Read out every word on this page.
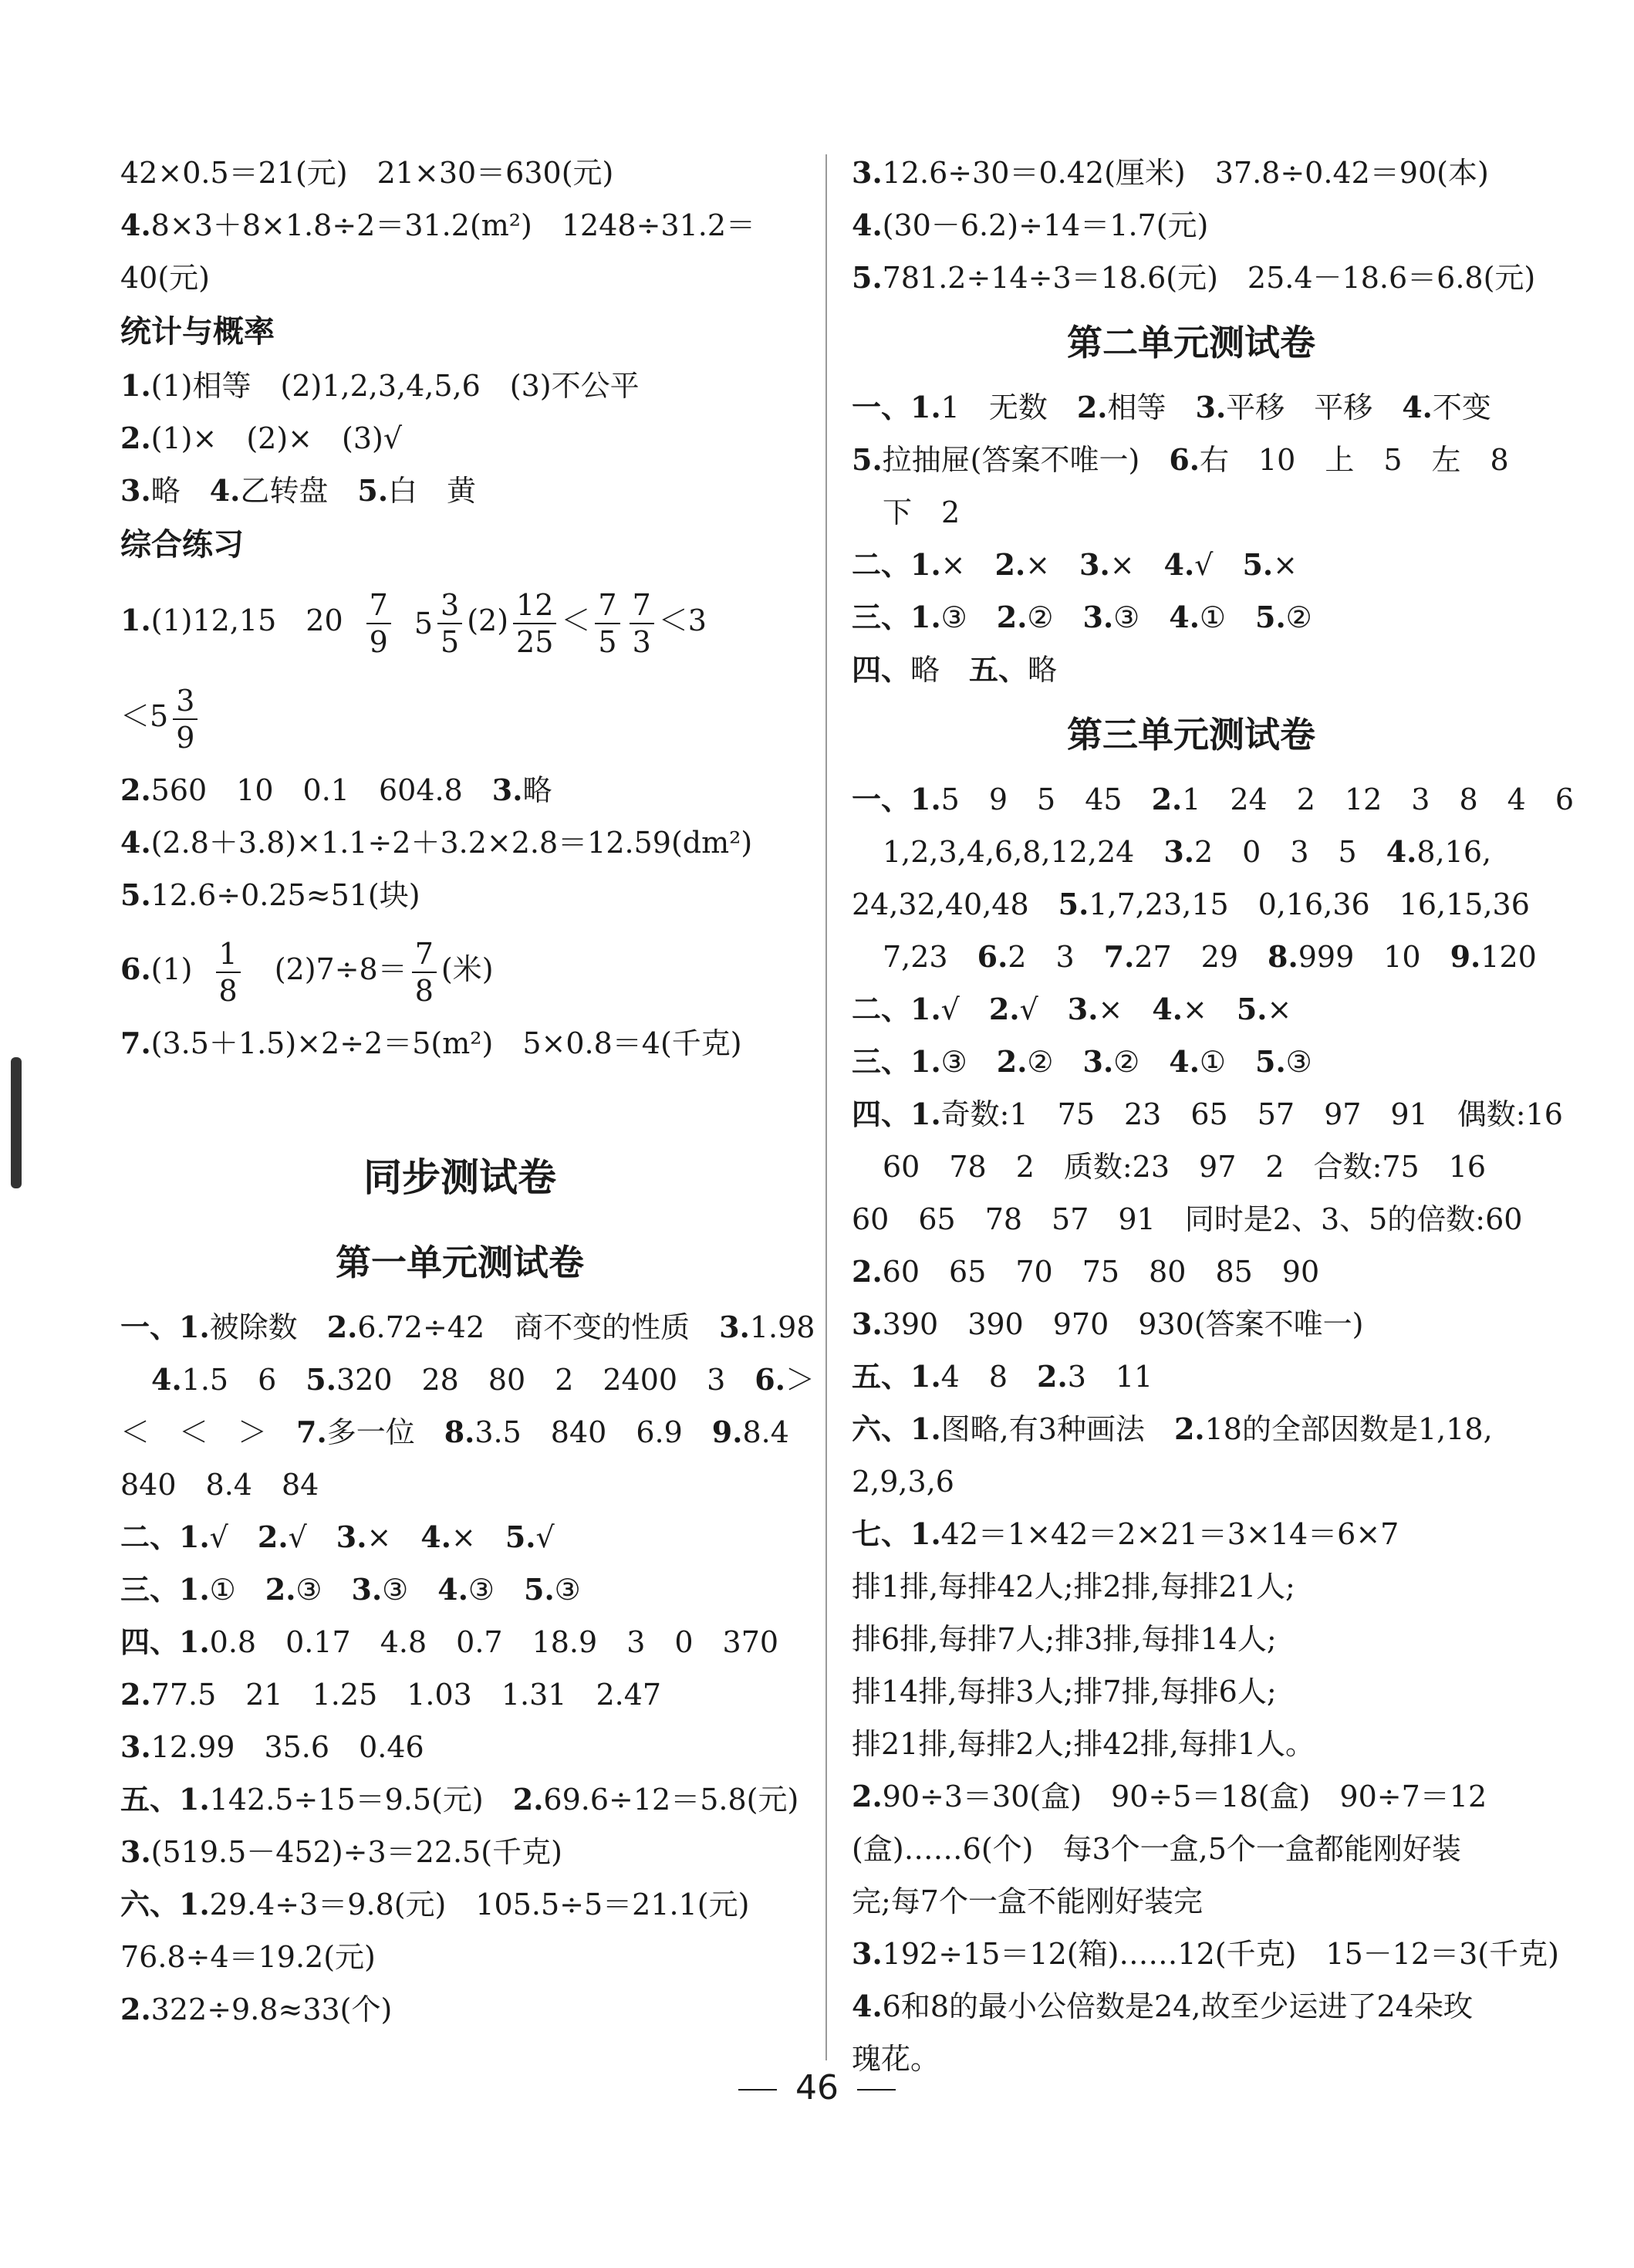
42×0.5＝21(元)　21×30＝630(元)
4.8×3＋8×1.8÷2＝31.2(m²)　1248÷31.2＝
40(元)
统计与概率
1.(1)相等　(2)1,2,3,4,5,6　(3)不公平
2.(1)×　(2)×　(3)√
3.略　4.乙转盘　5.白　黄
综合练习
1.(1)12,15　$20 \frac{7}{9} 5 \frac{3}{5} (2) \frac{12}{25} < \frac{7}{5} \frac{7}{3} <3$
$<5 \frac{3}{9}$
2.560　10　0.1　604.8　3.略
4.(2.8＋3.8)×1.1÷2＋3.2×2.8＝12.59(dm²)
5.12.6÷0.25≈51(块)
$6.(1) \frac{1}{8}$ 　$(2)7\div 8= \frac{7}{8}$ (米)
7.(3.5＋1.5)×2÷2＝5(m²)　5×0.8＝4(千克)
同步测试卷
第一单元测试卷
一、1.被除数　2.6.72÷42　商不变的性质　3.1.98
4.1.5　6　5.320　28　80　2　2400　3　6.＞
＜　＜　＞　7.多一位　8.3.5　840　6.9　9.8.4
840　8.4　84
二、1.√　2.√　3.×　4.×　5.√
三、1.①　2.③　3.③　4.③　5.③
四、1.0.8　0.17　4.8　0.7　18.9　3　0　370
2.77.5　21　1.25　1.03　1.31　2.47
3.12.99　35.6　0.46
五、1.142.5÷15＝9.5(元)　2.69.6÷12＝5.8(元)
3.(519.5－452)÷3＝22.5(千克)
六、1.29.4÷3＝9.8(元)　105.5÷5＝21.1(元)
76.8÷4＝19.2(元)
2.322÷9.8≈33(个)
3.12.6÷30＝0.42(厘米)　37.8÷0.42＝90(本)
4.(30－6.2)÷14＝1.7(元)
5.781.2÷14÷3＝18.6(元)　25.4－18.6＝6.8(元)
第二单元测试卷
一、1.1　无数　2.相等　3.平移　平移　4.不变
5.拉抽屉(答案不唯一)　6.右　10　上　5　左　8
下　2
二、1.×　2.×　3.×　4.√　5.×
三、1.③　2.②　3.③　4.①　5.②
四、略　五、略
第三单元测试卷
一、1.5　9　5　45　2.1　24　2　12　3　8　4　6
1,2,3,4,6,8,12,24　3.2　0　3　5　4.8,16,
24,32,40,48　5.1,7,23,15　0,16,36　16,15,36
7,23　6.2　3　7.27　29　8.999　10　9.120
二、1.√　2.√　3.×　4.×　5.×
三、1.③　2.②　3.②　4.①　5.③
四、1.奇数:1　75　23　65　57　97　91　偶数:16
60　78　2　质数:23　97　2　合数:75　16
60　65　78　57　91　同时是2、3、5的倍数:60
2.60　65　70　75　80　85　90
3.390　390　970　930(答案不唯一)
五、1.4　8　2.3　11
六、1.图略,有3种画法　2.18的全部因数是1,18,
2,9,3,6
七、1.42＝1×42＝2×21＝3×14＝6×7
排1排,每排42人;排2排,每排21人;
排6排,每排7人;排3排,每排14人;
排14排,每排3人;排7排,每排6人;
排21排,每排2人;排42排,每排1人。
2.90÷3＝30(盒)　90÷5＝18(盒)　90÷7＝12
(盒)……6(个)　每3个一盒,5个一盒都能刚好装
完;每7个一盒不能刚好装完
3.192÷15＝12(箱)……12(千克)　15－12＝3(千克)
4.6和8的最小公倍数是24,故至少运进了24朵玫
瑰花。
46
